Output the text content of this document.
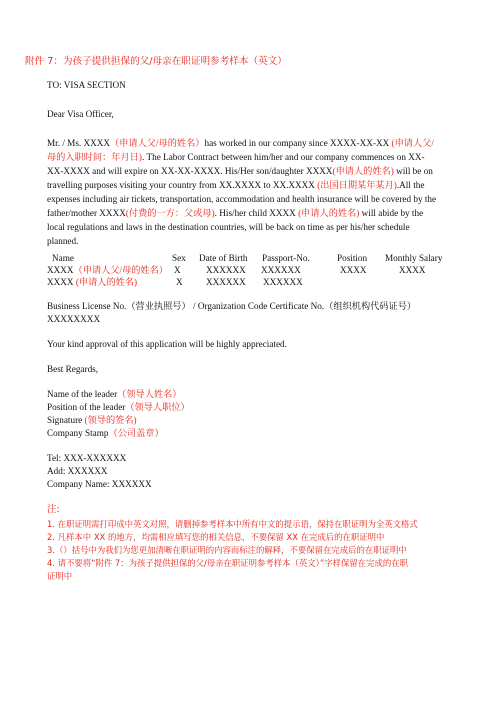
附件 7：为孩子提供担保的父/母亲在职证明参考样本（英文）
TO: VISA SECTION
Dear Visa Officer,
Mr. / Ms. XXXX（申请人父/母的姓名）has worked in our company since XXXX-XX-XX (申请人父/
母的入职时间：年月日). The Labor Contract between him/her and our company commences on XX-
XX-XXXX and will expire on XX-XX-XXXX. His/Her son/daughter XXXX(申请人的姓名) will be on
travelling purposes visiting your country from XX.XXXX to XX.XXXX (出国日期某年某月).All the
expenses including air tickets, transportation, accommodation and health insurance will be covered by the
father/mother XXXX(付费的一方：父或母). His/her child XXXX (申请人的姓名) will abide by the
local regulations and laws in the destination countries, will be back on time as per his/her schedule
planned.
Name	Sex Date of Birth Passport-No.	Position Monthly Salary
XXXX（申请人父/母的姓名） X	XXXXXX XXXXXX	XXXX	XXXX
XXXX (申请人的姓名)	X	XXXXXX XXXXXX
Business License No.（营业执照号） / Organization Code Certificate No.（组织机构代码证号）
XXXXXXXX
Your kind approval of this application will be highly appreciated.
Best Regards,
Name of the leader（领导人姓名）
Position of the leader（领导人职位）
Signature (领导的签名)
Company Stamp（公司盖章）
Tel: XXX-XXXXXX
Add: XXXXXX
Company Name: XXXXXX
注:
1. 在职证明需打印成中英文对照，请删掉参考样本中所有中文的提示语，保持在职证明为全英文格式
2. 凡样本中 XX 的地方，均需相应填写您的相关信息，不要保留 XX 在完成后的在职证明中
3.（）括号中为我们为您更加清晰在职证明的内容而标注的解释，不要保留在完成后的在职证明中
4. 请不要将“附件 7：为孩子提供担保的父/母亲在职证明参考样本（英文）”字样保留在完成的在职
证明中
